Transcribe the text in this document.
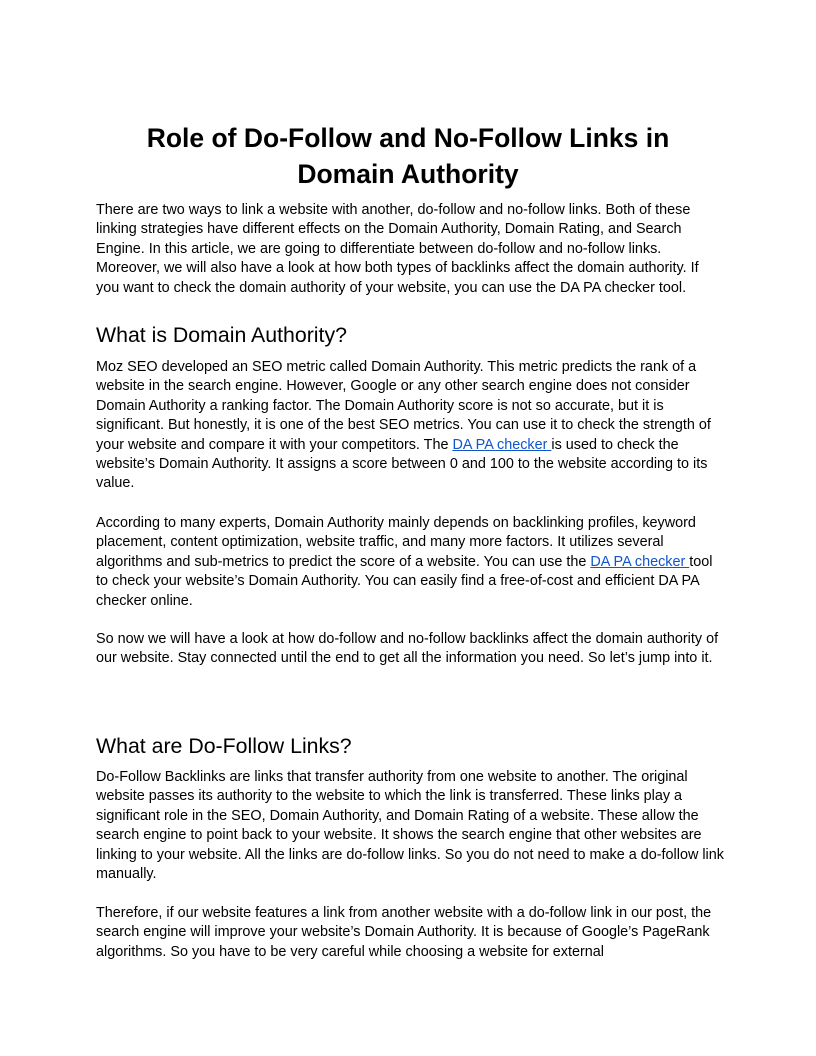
Role of Do-Follow and No-Follow Links in
Domain Authority

There are two ways to link a website with another, do-follow and no-follow links. Both of these linking strategies have different effects on the Domain Authority, Domain Rating, and Search Engine. In this article, we are going to differentiate between do-follow and no-follow links. Moreover, we will also have a look at how both types of backlinks affect the domain authority. If you want to check the domain authority of your website, you can use the DA PA checker tool.

What is Domain Authority?

Moz SEO developed an SEO metric called Domain Authority. This metric predicts the rank of a website in the search engine. However, Google or any other search engine does not consider Domain Authority a ranking factor. The Domain Authority score is not so accurate, but it is significant. But honestly, it is one of the best SEO metrics. You can use it to check the strength of your website and compare it with your competitors. The DA PA checker is used to check the website’s Domain Authority. It assigns a score between 0 and 100 to the website according to its value.

According to many experts, Domain Authority mainly depends on backlinking profiles, keyword placement, content optimization, website traffic, and many more factors. It utilizes several algorithms and sub-metrics to predict the score of a website. You can use the DA PA checker tool to check your website’s Domain Authority. You can easily find a free-of-cost and efficient DA PA checker online.

So now we will have a look at how do-follow and no-follow backlinks affect the domain authority of our website. Stay connected until the end to get all the information you need. So let’s jump into it.

What are Do-Follow Links?

Do-Follow Backlinks are links that transfer authority from one website to another. The original website passes its authority to the website to which the link is transferred. These links play a significant role in the SEO, Domain Authority, and Domain Rating of a website. These allow the search engine to point back to your website. It shows the search engine that other websites are linking to your website. All the links are do-follow links. So you do not need to make a do-follow link manually.

Therefore, if our website features a link from another website with a do-follow link in our post, the search engine will improve your website’s Domain Authority. It is because of Google’s PageRank algorithms. So you have to be very careful while choosing a website for external
